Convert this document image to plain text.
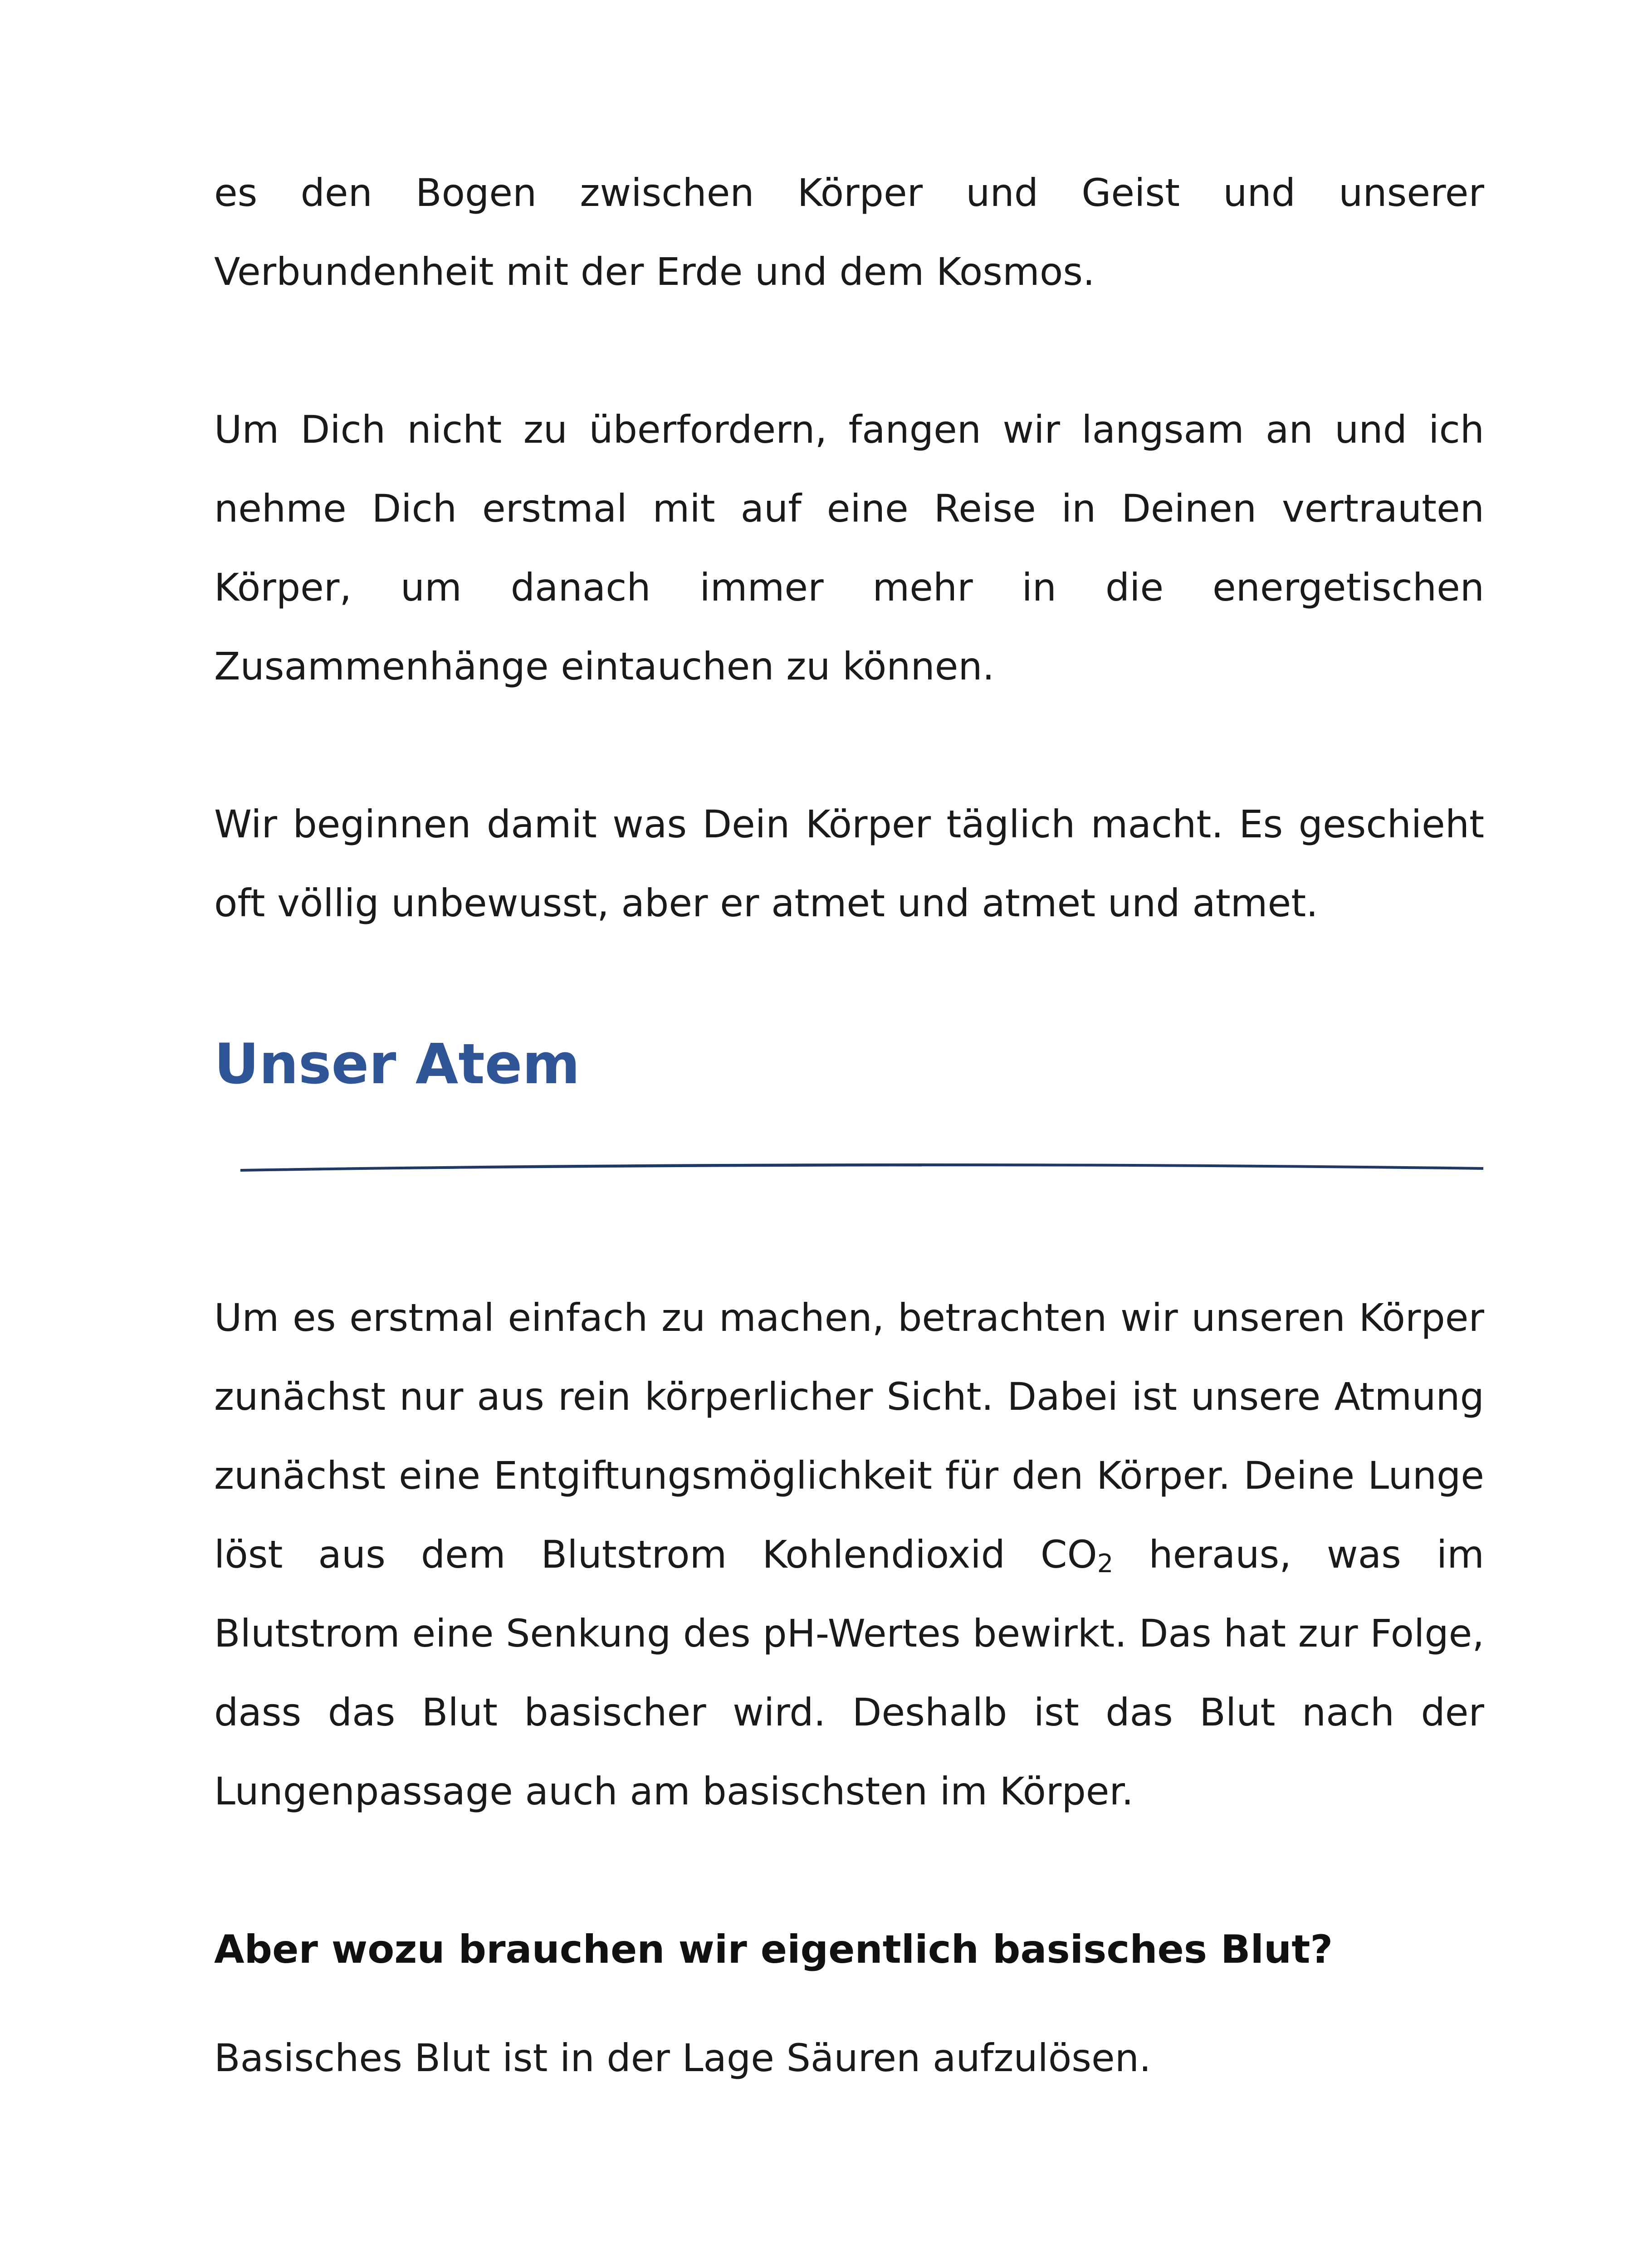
es den Bogen zwischen Körper und Geist und unserer Verbundenheit mit der Erde und dem Kosmos.

Um Dich nicht zu überfordern, fangen wir langsam an und ich nehme Dich erstmal mit auf eine Reise in Deinen vertrauten Körper, um danach immer mehr in die energetischen Zusammenhänge eintauchen zu können.

Wir beginnen damit was Dein Körper täglich macht. Es geschieht oft völlig unbewusst, aber er atmet und atmet und atmet.

Unser Atem

Um es erstmal einfach zu machen, betrachten wir unseren Körper zunächst nur aus rein körperlicher Sicht. Dabei ist unsere Atmung zunächst eine Entgiftungsmöglichkeit für den Körper. Deine Lunge löst aus dem Blutstrom Kohlendioxid $CO_2$ heraus, was im Blutstrom eine Senkung des pH-Wertes bewirkt. Das hat zur Folge, dass das Blut basischer wird. Deshalb ist das Blut nach der Lungenpassage auch am basischsten im Körper.

Aber wozu brauchen wir eigentlich basisches Blut?

Basisches Blut ist in der Lage Säuren aufzulösen.
